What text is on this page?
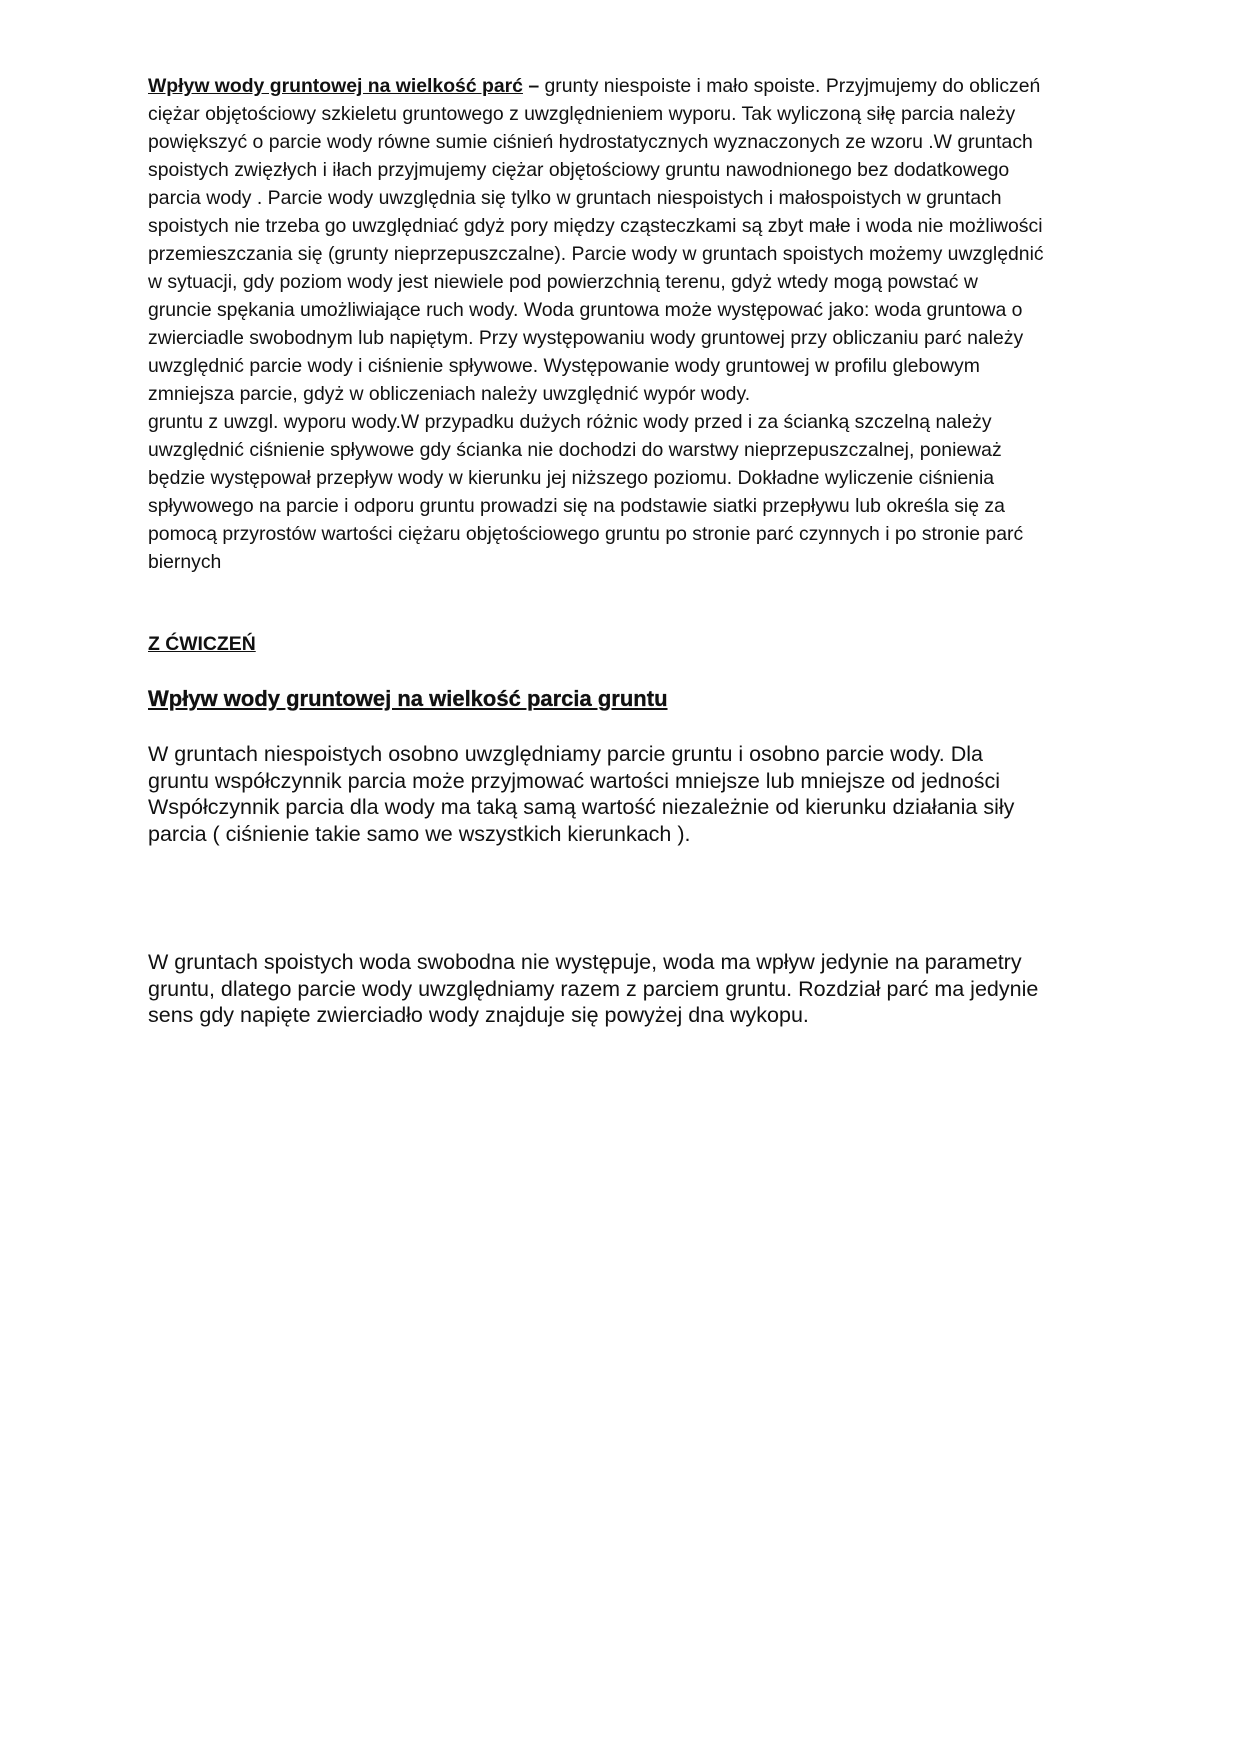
Wpływ wody gruntowej na wielkość parć – grunty niespoiste i mało spoiste. Przyjmujemy do obliczeń
ciężar objętościowy szkieletu gruntowego z uwzględnieniem wyporu. Tak wyliczoną siłę parcia należy
powiększyć o parcie wody równe sumie ciśnień hydrostatycznych wyznaczonych ze wzoru .W gruntach
spoistych zwięzłych i iłach przyjmujemy ciężar objętościowy gruntu nawodnionego bez dodatkowego
parcia wody . Parcie wody uwzględnia się tylko w gruntach niespoistych i małospoistych w gruntach
spoistych nie trzeba go uwzględniać gdyż pory między cząsteczkami są zbyt małe i woda nie możliwości
przemieszczania się (grunty nieprzepuszczalne). Parcie wody w gruntach spoistych możemy uwzględnić
w sytuacji, gdy poziom wody jest niewiele pod powierzchnią terenu, gdyż wtedy mogą powstać w
gruncie spękania umożliwiające ruch wody. Woda gruntowa może występować jako: woda gruntowa o
zwierciadle swobodnym lub napiętym. Przy występowaniu wody gruntowej przy obliczaniu parć należy
uwzględnić parcie wody i ciśnienie spływowe. Występowanie wody gruntowej w profilu glebowym
zmniejsza parcie, gdyż w obliczeniach należy uwzględnić wypór wody.
gruntu z uwzgl. wyporu wody.W przypadku dużych różnic wody przed i za ścianką szczelną należy
uwzględnić ciśnienie spływowe gdy ścianka nie dochodzi do warstwy nieprzepuszczalnej, ponieważ
będzie występował przepływ wody w kierunku jej niższego poziomu. Dokładne wyliczenie ciśnienia
spływowego na parcie i odporu gruntu prowadzi się na podstawie siatki przepływu lub określa się za
pomocą przyrostów wartości ciężaru objętościowego gruntu po stronie parć czynnych i po stronie parć
biernych

Z ĆWICZEŃ
Wpływ wody gruntowej na wielkość parcia gruntu

W gruntach niespoistych osobno uwzględniamy parcie gruntu i osobno parcie wody. Dla
gruntu współczynnik parcia może przyjmować wartości mniejsze lub mniejsze od jedności
Współczynnik parcia dla wody ma taką samą wartość niezależnie od kierunku działania siły
parcia ( ciśnienie takie samo we wszystkich kierunkach ).

W gruntach spoistych woda swobodna nie występuje, woda ma wpływ jedynie na parametry
gruntu, dlatego parcie wody uwzględniamy razem z parciem gruntu. Rozdział parć ma jedynie
sens gdy napięte zwierciadło wody znajduje się powyżej dna wykopu.
